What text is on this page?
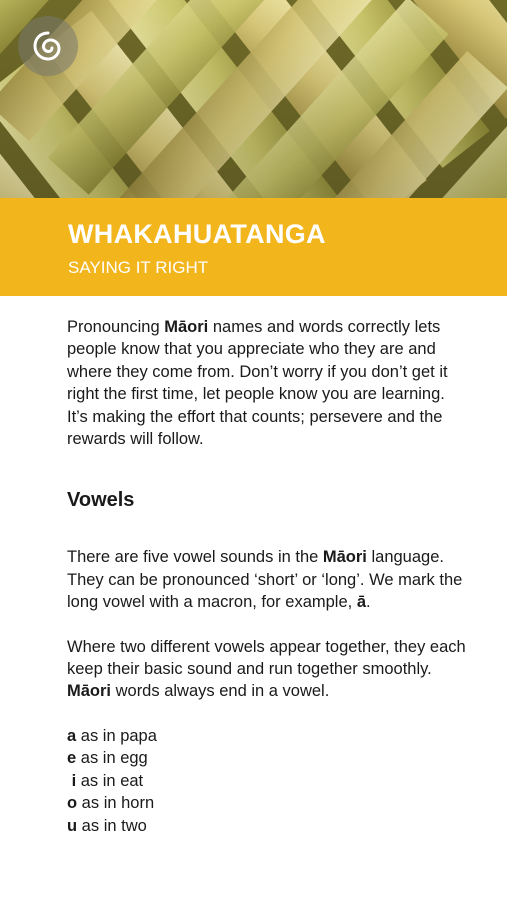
WHAKAHUATANGA
SAYING IT RIGHT

Pronouncing Māori names and words correctly lets people know that you appreciate who they are and where they come from. Don’t worry if you don’t get it right the first time, let people know you are learning. It’s making the effort that counts; persevere and the rewards will follow.

Vowels

There are five vowel sounds in the Māori language. They can be pronounced ‘short’ or ‘long’. We mark the long vowel with a macron, for example, ā.

Where two different vowels appear together, they each keep their basic sound and run together smoothly. Māori words always end in a vowel.

a as in papa
e as in egg
i as in eat
o as in horn
u as in two
